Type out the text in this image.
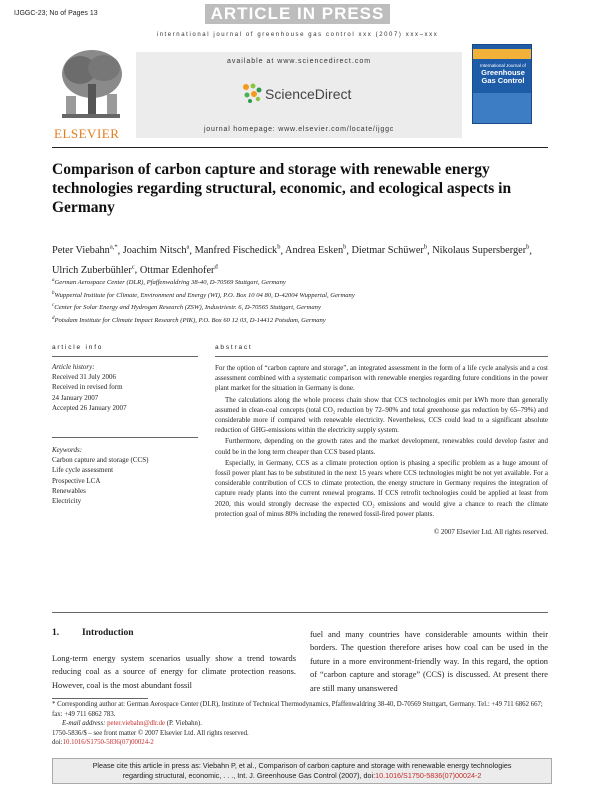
IJGGC-23; No of Pages 13	ARTICLE IN PRESS
international journal of greenhouse gas control xxx (2007) xxx–xxx
ELSEVIER
available at www.sciencedirect.com
ScienceDirect
journal homepage: www.elsevier.com/locate/ijggc
International Journal of
Greenhouse
Gas Control
Comparison of carbon capture and storage with renewable energy technologies regarding structural, economic, and ecological aspects in Germany
Peter Viebahn$^{a,*}$, Joachim Nitsch$^a$, Manfred Fischedick$^b$, Andrea Esken$^b$, Dietmar Schüwer$^b$, Nikolaus Supersberger$^b$, Ulrich Zuberbühler$^c$, Ottmar Edenhofer$^d$
$^a$German Aerospace Center (DLR), Pfaffenwaldring 38-40, D-70569 Stuttgart, Germany
$^b$Wuppertal Institute for Climate, Environment and Energy (WI), P.O. Box 10 04 80, D-42004 Wuppertal, Germany
$^c$Center for Solar Energy and Hydrogen Research (ZSW), Industriestr. 6, D-70565 Stuttgart, Germany
$^d$Potsdam Institute for Climate Impact Research (PIK), P.O. Box 60 12 03, D-14412 Potsdam, Germany
article info
Article history:
Received 31 July 2006
Received in revised form
24 January 2007
Accepted 26 January 2007
Keywords:
Carbon capture and storage (CCS)
Life cycle assessment
Prospective LCA
Renewables
Electricity
abstract

For the option of “carbon capture and storage”, an integrated assessment in the form of a life cycle analysis and a cost assessment combined with a systematic comparison with renewable energies regarding future conditions in the power plant market for the situation in Germany is done.

The calculations along the whole process chain show that CCS technologies emit per kWh more than generally assumed in clean-coal concepts (total CO₂ reduction by 72–90% and total greenhouse gas reduction by 65–79%) and considerable more if compared with renewable electricity. Nevertheless, CCS could lead to a significant absolute reduction of GHG-emissions within the electricity supply system.

Furthermore, depending on the growth rates and the market development, renewables could develop faster and could be in the long term cheaper than CCS based plants.

Especially, in Germany, CCS as a climate protection option is phasing a specific problem as a huge amount of fossil power plant has to be substituted in the next 15 years where CCS technologies might be not yet available. For a considerable contribution of CCS to climate protection, the energy structure in Germany requires the integration of capture ready plants into the current renewal programs. If CCS retrofit technologies could be applied at least from 2020, this would strongly decrease the expected CO₂ emissions and would give a chance to reach the climate protection goal of minus 80% including the renewed fossil-fired power plants.

© 2007 Elsevier Ltd. All rights reserved.
1. Introduction
Long-term energy system scenarios usually show a trend towards reducing coal as a source of energy for climate protection reasons. However, coal is the most abundant fossil
fuel and many countries have considerable amounts within their borders. The question therefore arises how coal can be used in the future in a more environment-friendly way. In this regard, the option of “carbon capture and storage” (CCS) is discussed. At present there are still many unanswered
* Corresponding author at: German Aerospace Center (DLR), Institute of Technical Thermodynamics, Pfaffenwaldring 38-40, D-70569 Stuttgart, Germany. Tel.: +49 711 6862 667; fax: +49 711 6862 783.
E-mail address: peter.viebahn@dlr.de (P. Viebahn).
1750-5836/$ – see front matter © 2007 Elsevier Ltd. All rights reserved.
doi:10.1016/S1750-5836(07)00024-2
Please cite this article in press as: Viebahn P, et al., Comparison of carbon capture and storage with renewable energy technologies
regarding structural, economic, . . ., Int. J. Greenhouse Gas Control (2007), doi:10.1016/S1750-5836(07)00024-2
